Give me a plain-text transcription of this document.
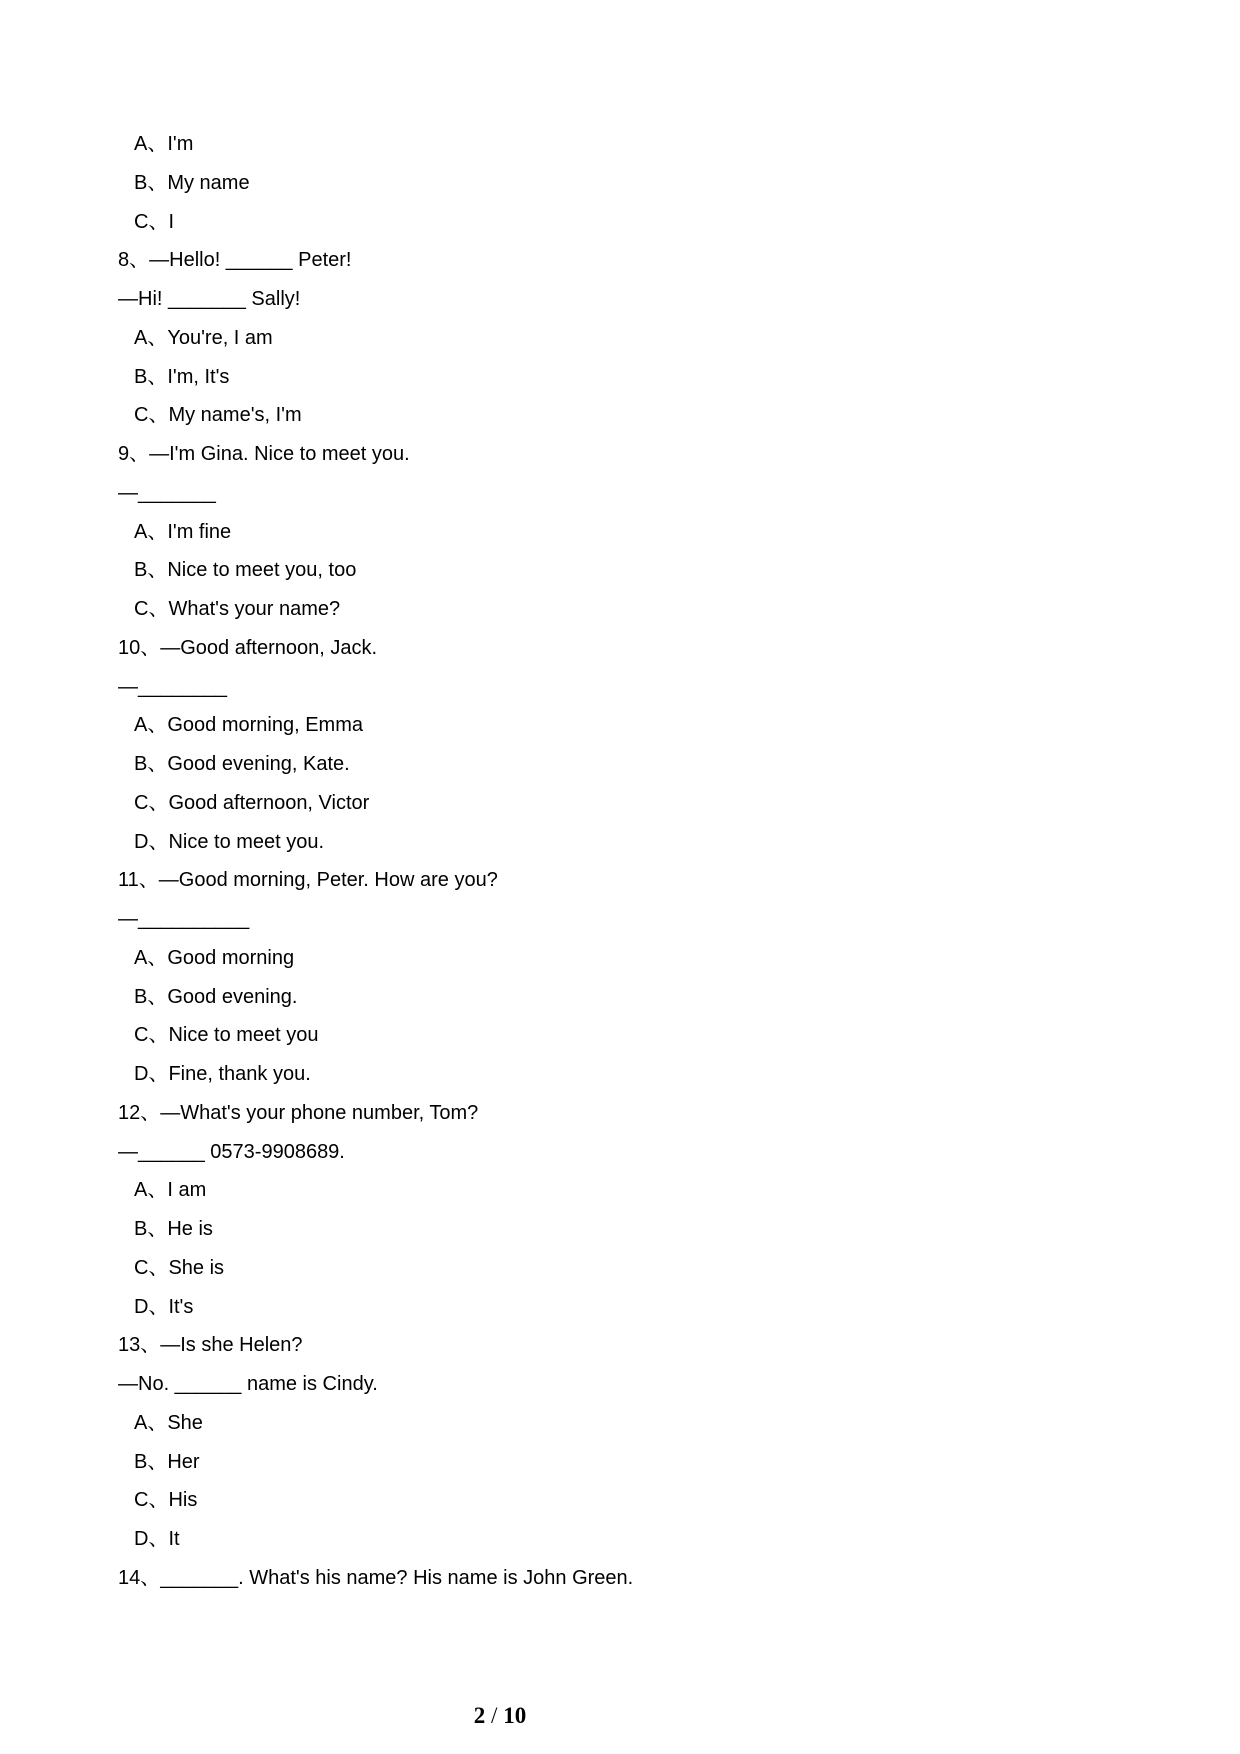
A、I'm
B、My name
C、I
8、—Hello! ______ Peter!
—Hi! _______ Sally!
A、You're, I am
B、I'm, It's
C、My name's, I'm
9、—I'm Gina. Nice to meet you.
—_______
A、I'm fine
B、Nice to meet you, too
C、What's your name?
10、—Good afternoon, Jack.
—________
A、Good morning, Emma
B、Good evening, Kate.
C、Good afternoon, Victor
D、Nice to meet you.
11、—Good morning, Peter. How are you?
—__________
A、Good morning
B、Good evening.
C、Nice to meet you
D、Fine, thank you.
12、—What's your phone number, Tom?
—______ 0573-9908689.
A、I am
B、He is
C、She is
D、It's
13、—Is she Helen?
—No. ______ name is Cindy.
A、She
B、Her
C、His
D、It
14、_______. What's his name? His name is John Green.
2 / 10
